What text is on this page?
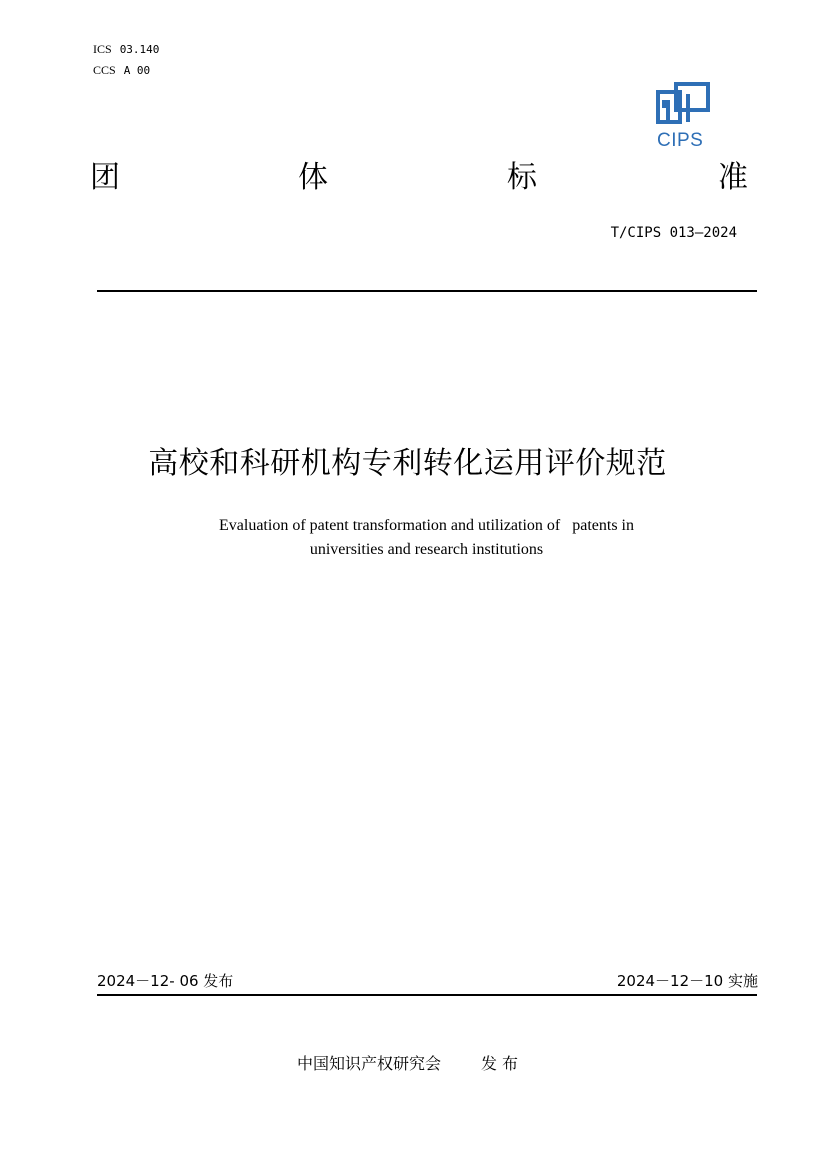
ICS 03.140
CCS A 00
CIPS
团	体	标	准
T/CIPS 013—2024
高校和科研机构专利转化运用评价规范
Evaluation of patent transformation and utilization of   patents in
universities and research institutions
2024－12- 06 发布	2024－12－10 实施
中国知识产权研究会	发 布
